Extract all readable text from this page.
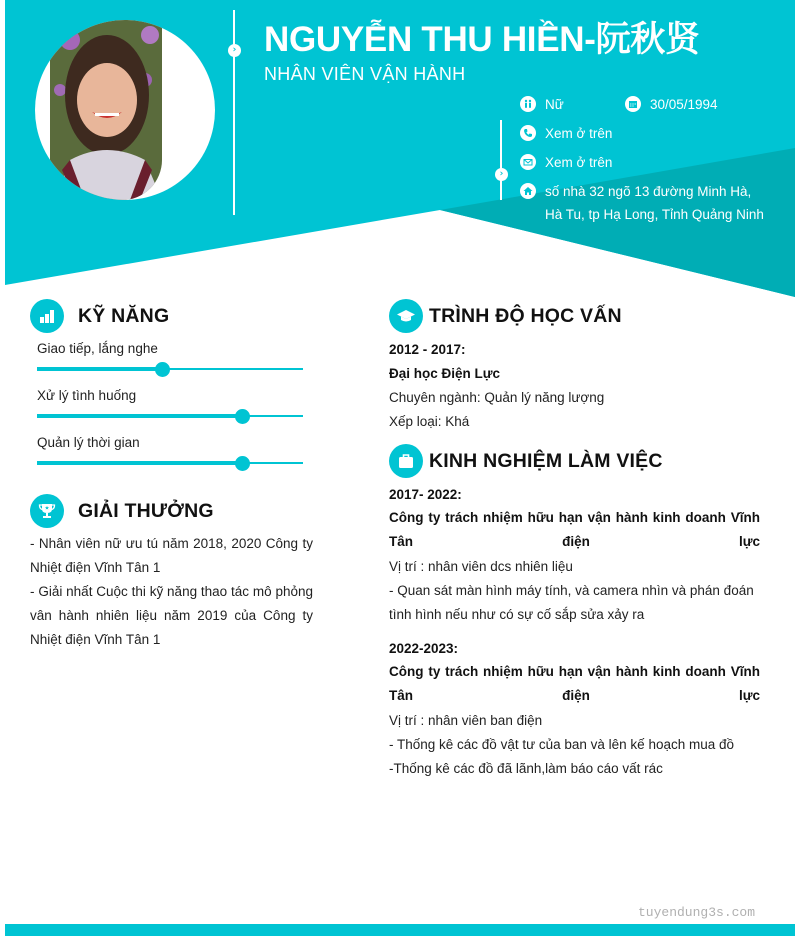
›
›
NGUYỄN THU HIỀN-阮秋贤
NHÂN VIÊN VẬN HÀNH
Nữ	30/05/1994
Xem ở trên
Xem ở trên
số nhà 32 ngõ 13 đường Minh Hà,
Hà Tu, tp Hạ Long, Tỉnh Quảng Ninh
KỸ NĂNG
Giao tiếp, lắng nghe
Xử lý tình huống
Quản lý thời gian
GIẢI THƯỞNG
- Nhân viên nữ ưu tú năm 2018, 2020 Công ty Nhiệt điện Vĩnh Tân 1
- Giải nhất Cuộc thi kỹ năng thao tác mô phỏng vân hành nhiên liệu năm 2019 của Công ty Nhiệt điện Vĩnh Tân 1
TRÌNH ĐỘ HỌC VẤN
2012 - 2017:
Đại học Điện Lực
Chuyên ngành: Quản lý năng lượng
Xếp loại: Khá
KINH NGHIỆM LÀM VIỆC
2017- 2022:
Công ty trách nhiệm hữu hạn vận hành kinh doanh Vĩnh Tân điện lực
Vị trí : nhân viên dcs nhiên liệu
- Quan sát màn hình máy tính, và camera nhìn và phán đoán
tình hình nếu như có sự cố sắp sửa xảy ra
2022-2023:
Công ty trách nhiệm hữu hạn vận hành kinh doanh Vĩnh Tân điện lực
Vị trí : nhân viên ban điện
- Thống kê các đồ vật tư của ban và lên kế hoạch mua đồ
-Thống kê các đồ đã lãnh,làm báo cáo vất rác
tuyendung3s.com
